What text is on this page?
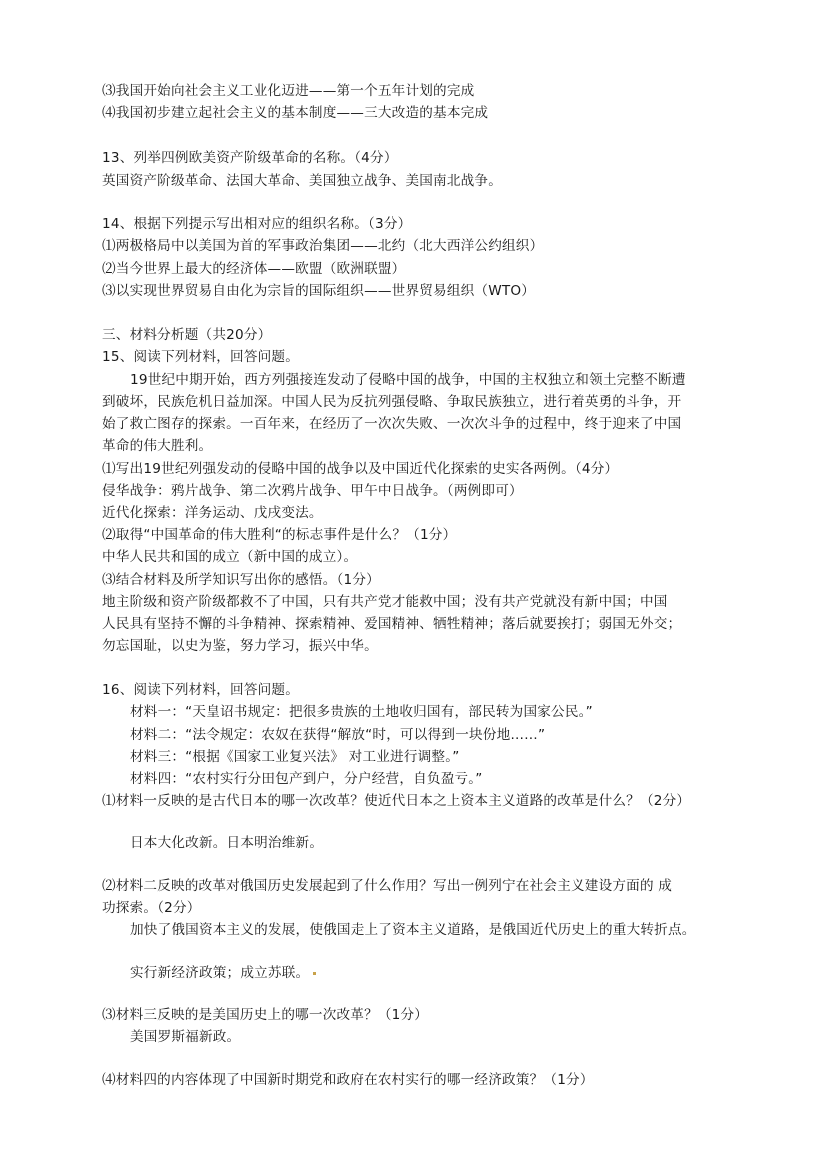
⑶我国开始向社会主义工业化迈进——第一个五年计划的完成
⑷我国初步建立起社会主义的基本制度——三大改造的基本完成
13、列举四例欧美资产阶级革命的名称。（4分）
英国资产阶级革命、法国大革命、美国独立战争、美国南北战争。
14、根据下列提示写出相对应的组织名称。（3分）
⑴两极格局中以美国为首的军事政治集团——北约（北大西洋公约组织）
⑵当今世界上最大的经济体——欧盟（欧洲联盟）
⑶以实现世界贸易自由化为宗旨的国际组织——世界贸易组织（WTO）
三、材料分析题（共20分）
15、阅读下列材料，回答问题。
19世纪中期开始，西方列强接连发动了侵略中国的战争，中国的主权独立和领土完整不断遭
到破坏，民族危机日益加深。中国人民为反抗列强侵略、争取民族独立，进行着英勇的斗争，开
始了救亡图存的探索。一百年来，在经历了一次次失败、一次次斗争的过程中，终于迎来了中国
革命的伟大胜利。
⑴写出19世纪列强发动的侵略中国的战争以及中国近代化探索的史实各两例。（4分）
侵华战争：鸦片战争、第二次鸦片战争、甲午中日战争。（两例即可）
近代化探索：洋务运动、戊戌变法。
⑵取得“中国革命的伟大胜利“的标志事件是什么？（1分）
中华人民共和国的成立（新中国的成立）。
⑶结合材料及所学知识写出你的感悟。（1分）
地主阶级和资产阶级都救不了中国，只有共产党才能救中国；没有共产党就没有新中国；中国
人民具有坚持不懈的斗争精神、探索精神、爱国精神、牺牲精神；落后就要挨打；弱国无外交；
勿忘国耻，以史为鉴，努力学习，振兴中华。
16、阅读下列材料，回答问题。
材料一：“天皇诏书规定：把很多贵族的土地收归国有，部民转为国家公民。”
材料二：“法令规定：农奴在获得“解放“时，可以得到一块份地……”
材料三：“根据《国家工业复兴法》 对工业进行调整。”
材料四：“农村实行分田包产到户，分户经营，自负盈亏。”
⑴材料一反映的是古代日本的哪一次改革？使近代日本之上资本主义道路的改革是什么？（2分）
日本大化改新。日本明治维新。
⑵材料二反映的改革对俄国历史发展起到了什么作用？写出一例列宁在社会主义建设方面的 成
功探索。（2分）
加快了俄国资本主义的发展，使俄国走上了资本主义道路，是俄国近代历史上的重大转折点。
实行新经济政策；成立苏联。
⑶材料三反映的是美国历史上的哪一次改革？（1分）
美国罗斯福新政。
⑷材料四的内容体现了中国新时期党和政府在农村实行的哪一经济政策？（1分）
